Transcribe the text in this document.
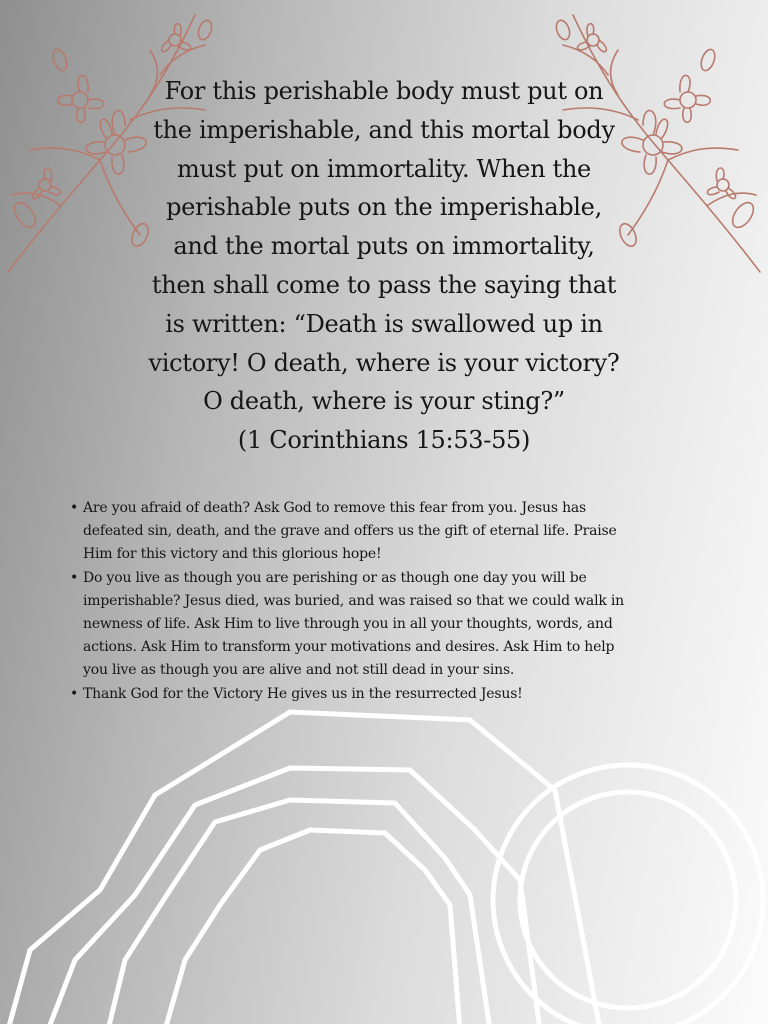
For this perishable body must put on
the imperishable, and this mortal body
must put on immortality. When the
perishable puts on the imperishable,
and the mortal puts on immortality,
then shall come to pass the saying that
is written: “Death is swallowed up in
victory! O death, where is your victory?
O death, where is your sting?”
(1 Corinthians 15:53-55)

• Are you afraid of death? Ask God to remove this fear from you. Jesus has
defeated sin, death, and the grave and offers us the gift of eternal life. Praise
Him for this victory and this glorious hope!
• Do you live as though you are perishing or as though one day you will be
imperishable? Jesus died, was buried, and was raised so that we could walk in
newness of life. Ask Him to live through you in all your thoughts, words, and
actions. Ask Him to transform your motivations and desires. Ask Him to help
you live as though you are alive and not still dead in your sins.
• Thank God for the Victory He gives us in the resurrected Jesus!
